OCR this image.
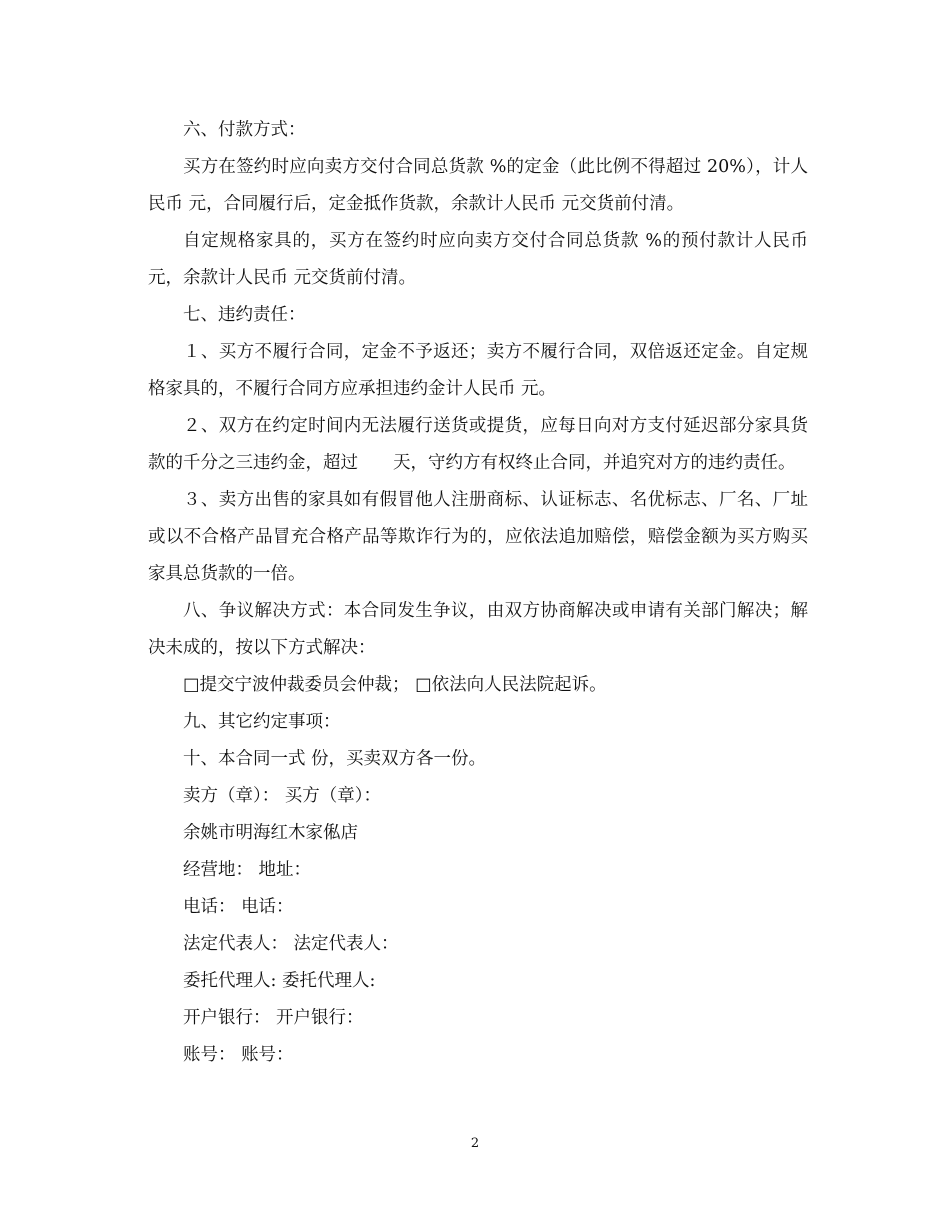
六、付款方式：

买方在签约时应向卖方交付合同总货款 %的定金（此比例不得超过 20%），计人民币 元，合同履行后，定金抵作货款，余款计人民币 元交货前付清。

自定规格家具的，买方在签约时应向卖方交付合同总货款 %的预付款计人民币 元，余款计人民币 元交货前付清。

七、违约责任：

１、买方不履行合同，定金不予返还；卖方不履行合同，双倍返还定金。自定规格家具的，不履行合同方应承担违约金计人民币 元。

２、双方在约定时间内无法履行送货或提货，应每日向对方支付延迟部分家具货款的千分之三违约金，超过　　天，守约方有权终止合同，并追究对方的违约责任。

３、卖方出售的家具如有假冒他人注册商标、认证标志、名优标志、厂名、厂址或以不合格产品冒充合格产品等欺诈行为的，应依法追加赔偿，赔偿金额为买方购买家具总货款的一倍。

八、争议解决方式：本合同发生争议，由双方协商解决或申请有关部门解决；解决未成的，按以下方式解决：

□提交宁波仲裁委员会仲裁； □依法向人民法院起诉。

九、其它约定事项：

十、本合同一式 份，买卖双方各一份。

卖方（章）： 买方（章）：

余姚市明海红木家俬店

经营地： 地址：

电话： 电话：

法定代表人： 法定代表人：

委托代理人: 委托代理人:

开户银行： 开户银行：

账号： 账号：

2
